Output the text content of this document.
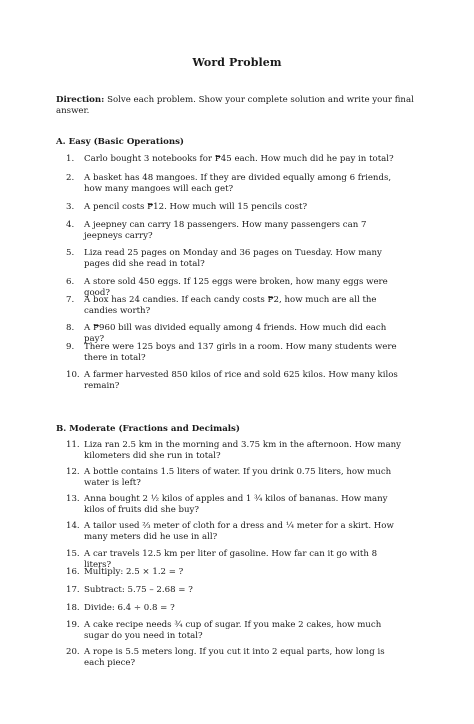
Word Problem
Direction: Solve each problem. Show your complete solution and write your final answer.
A. Easy (Basic Operations)
1.	Carlo bought 3 notebooks for ₱45 each. How much did he pay in total?
2.	A basket has 48 mangoes. If they are divided equally among 6 friends, how many mangoes will each get?
3.	A pencil costs ₱12. How much will 15 pencils cost?
4.	A jeepney can carry 18 passengers. How many passengers can 7 jeepneys carry?
5.	Liza read 25 pages on Monday and 36 pages on Tuesday. How many pages did she read in total?
6.	A store sold 450 eggs. If 125 eggs were broken, how many eggs were good?
7.	A box has 24 candies. If each candy costs ₱2, how much are all the candies worth?
8.	A ₱960 bill was divided equally among 4 friends. How much did each pay?
9.	There were 125 boys and 137 girls in a room. How many students were there in total?
10. A farmer harvested 850 kilos of rice and sold 625 kilos. How many kilos remain?
B. Moderate (Fractions and Decimals)
11. Liza ran 2.5 km in the morning and 3.75 km in the afternoon. How many kilometers did she run in total?
12. A bottle contains 1.5 liters of water. If you drink 0.75 liters, how much water is left?
13. Anna bought 2 ½ kilos of apples and 1 ¾ kilos of bananas. How many kilos of fruits did she buy?
14. A tailor used ⅔ meter of cloth for a dress and ¼ meter for a skirt. How many meters did he use in all?
15. A car travels 12.5 km per liter of gasoline. How far can it go with 8 liters?
16. Multiply: 2.5 × 1.2 = ?
17. Subtract: 5.75 – 2.68 = ?
18. Divide: 6.4 ÷ 0.8 = ?
19. A cake recipe needs ¾ cup of sugar. If you make 2 cakes, how much sugar do you need in total?
20. A rope is 5.5 meters long. If you cut it into 2 equal parts, how long is each piece?
